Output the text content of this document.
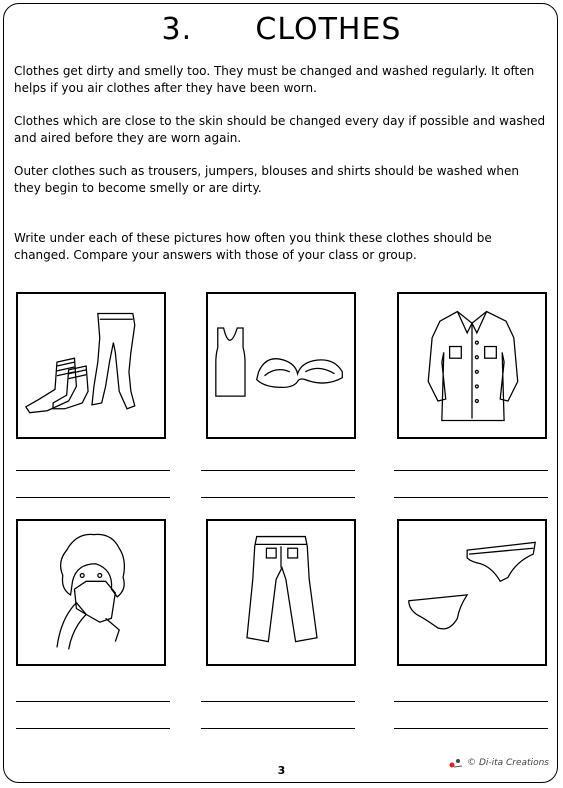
3.      CLOTHES

Clothes get dirty and smelly too. They must be changed and washed regularly. It often helps if you air clothes after they have been worn.

Clothes which are close to the skin should be changed every day if possible and washed and aired before they are worn again.

Outer clothes such as trousers, jumpers, blouses and shirts should be washed when they begin to become smelly or are dirty.

Write under each of these pictures how often you think these clothes should be changed. Compare your answers with those of your class or group.

3
© Di-ita Creations
